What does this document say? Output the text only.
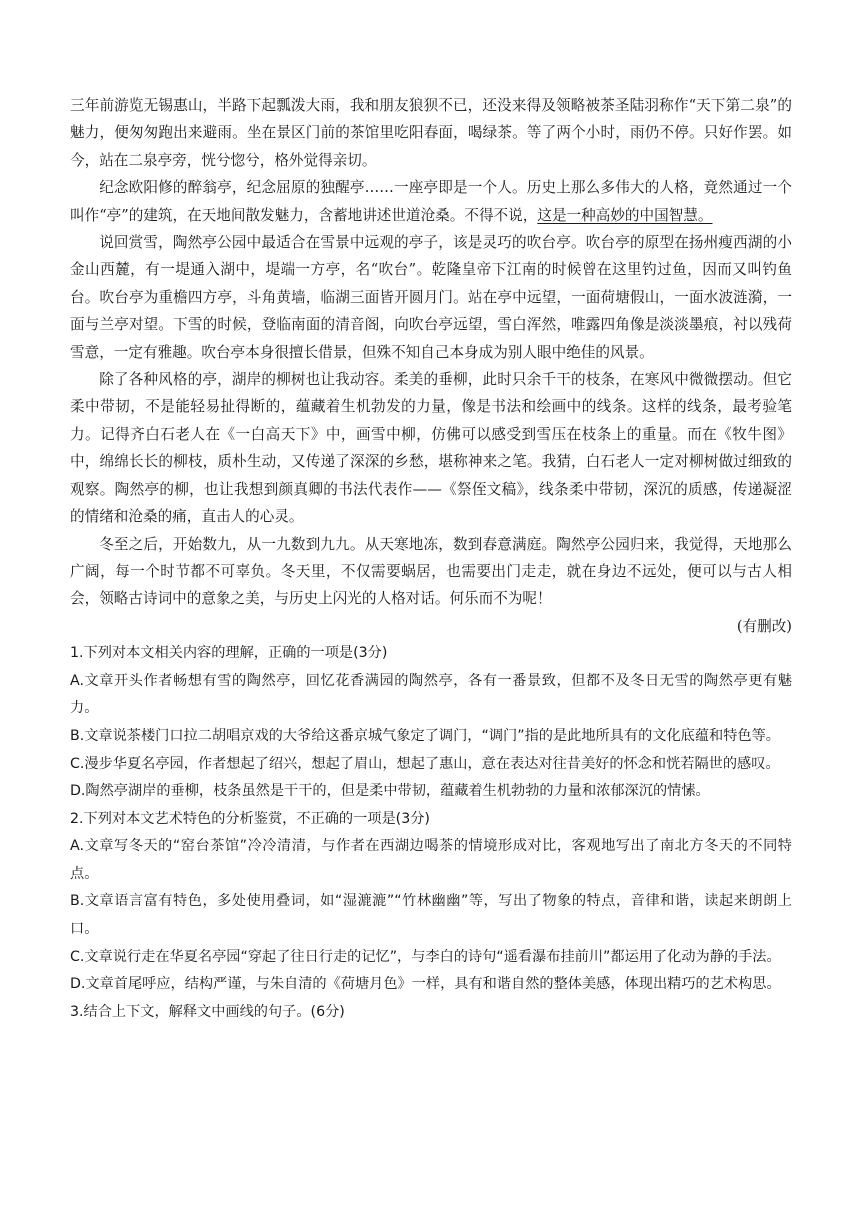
三年前游览无锡惠山，半路下起瓢泼大雨，我和朋友狼狈不已，还没来得及领略被茶圣陆羽称作“天下第二泉”的魅力，便匆匆跑出来避雨。坐在景区门前的茶馆里吃阳春面，喝绿茶。等了两个小时，雨仍不停。只好作罢。如今，站在二泉亭旁，恍兮惚兮，格外觉得亲切。

纪念欧阳修的醉翁亭，纪念屈原的独醒亭……一座亭即是一个人。历史上那么多伟大的人格，竟然通过一个叫作“亭”的建筑，在天地间散发魅力，含蓄地讲述世道沧桑。不得不说，这是一种高妙的中国智慧。

说回赏雪，陶然亭公园中最适合在雪景中远观的亭子，该是灵巧的吹台亭。吹台亭的原型在扬州瘦西湖的小金山西麓，有一堤通入湖中，堤端一方亭，名“吹台”。乾隆皇帝下江南的时候曾在这里钓过鱼，因而又叫钓鱼台。吹台亭为重檐四方亭，斗角黄墙，临湖三面皆开圆月门。站在亭中远望，一面荷塘假山，一面水波涟漪，一面与兰亭对望。下雪的时候，登临南面的清音阁，向吹台亭远望，雪白浑然，唯露四角像是淡淡墨痕，衬以残荷雪意，一定有雅趣。吹台亭本身很擅长借景，但殊不知自己本身成为别人眼中绝佳的风景。

除了各种风格的亭，湖岸的柳树也让我动容。柔美的垂柳，此时只余千干的枝条，在寒风中微微摆动。但它柔中带韧，不是能轻易扯得断的，蕴藏着生机勃发的力量，像是书法和绘画中的线条。这样的线条，最考验笔力。记得齐白石老人在《一白高天下》中，画雪中柳，仿佛可以感受到雪压在枝条上的重量。而在《牧牛图》中，绵绵长长的柳枝，质朴生动，又传递了深深的乡愁，堪称神来之笔。我猜，白石老人一定对柳树做过细致的观察。陶然亭的柳，也让我想到颜真卿的书法代表作——《祭侄文稿》，线条柔中带韧，深沉的质感，传递凝涩的情绪和沧桑的痛，直击人的心灵。

冬至之后，开始数九，从一九数到九九。从天寒地冻，数到春意满庭。陶然亭公园归来，我觉得，天地那么广阔，每一个时节都不可辜负。冬天里，不仅需要蜗居，也需要出门走走，就在身边不远处，便可以与古人相会，领略古诗词中的意象之美，与历史上闪光的人格对话。何乐而不为呢！

(有删改)

1.下列对本文相关内容的理解，正确的一项是(3分)

A.文章开头作者畅想有雪的陶然亭，回忆花香满园的陶然亭，各有一番景致，但都不及冬日无雪的陶然亭更有魅力。

B.文章说茶楼门口拉二胡唱京戏的大爷给这番京城气象定了调门，“调门”指的是此地所具有的文化底蕴和特色等。

C.漫步华夏名亭园，作者想起了绍兴，想起了眉山，想起了惠山，意在表达对往昔美好的怀念和恍若隔世的感叹。

D.陶然亭湖岸的垂柳，枝条虽然是干干的，但是柔中带韧，蕴藏着生机勃勃的力量和浓郁深沉的情愫。

2.下列对本文艺术特色的分析鉴赏，不正确的一项是(3分)

A.文章写冬天的“窑台茶馆”冷冷清清，与作者在西湖边喝茶的情境形成对比，客观地写出了南北方冬天的不同特点。

B.文章语言富有特色，多处使用叠词，如“湿漉漉”“竹林幽幽”等，写出了物象的特点，音律和谐，读起来朗朗上口。

C.文章说行走在华夏名亭园“穿起了往日行走的记忆”，与李白的诗句“遥看瀑布挂前川”都运用了化动为静的手法。

D.文章首尾呼应，结构严谨，与朱自清的《荷塘月色》一样，具有和谐自然的整体美感，体现出精巧的艺术构思。

3.结合上下文，解释文中画线的句子。(6分)
